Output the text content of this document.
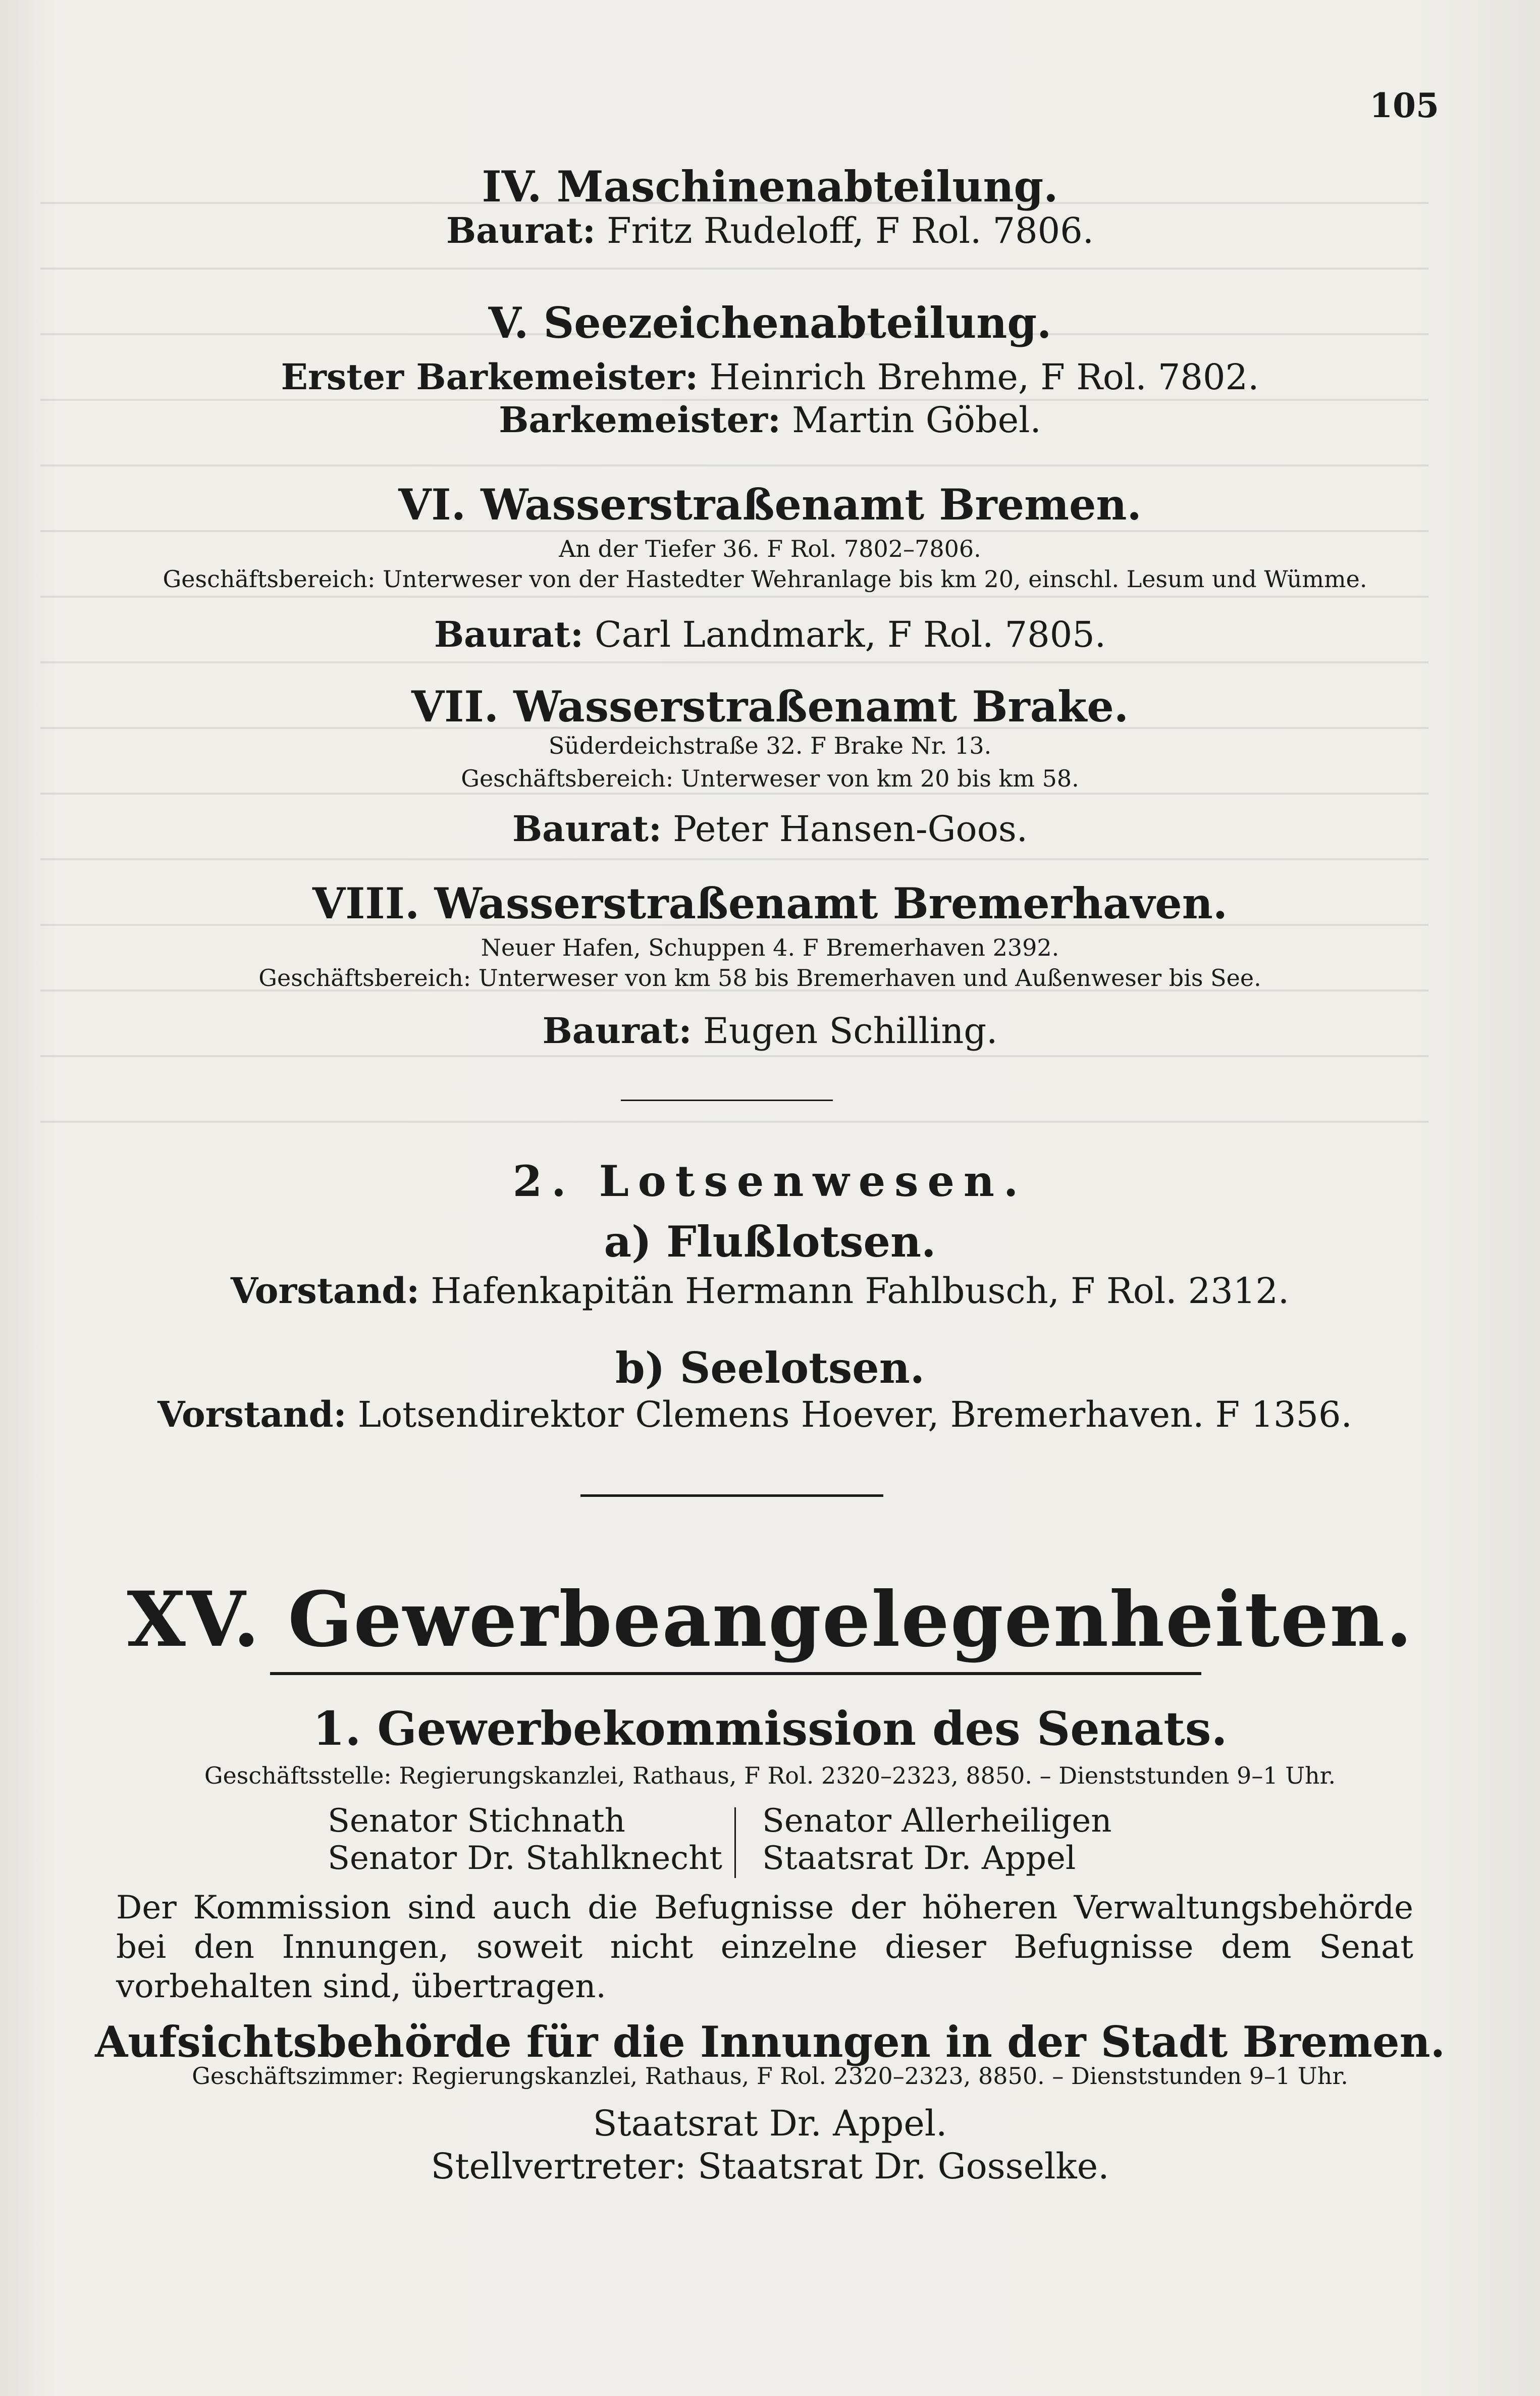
105
IV. Maschinenabteilung.
Baurat: Fritz Rudeloff, F Rol. 7806.
V. Seezeichenabteilung.
Erster Barkemeister: Heinrich Brehme, F Rol. 7802.
Barkemeister: Martin Göbel.
VI. Wasserstraßenamt Bremen.
An der Tiefer 36. F Rol. 7802–7806.
Geschäftsbereich: Unterweser von der Hastedter Wehranlage bis km 20, einschl. Lesum und Wümme.
Baurat: Carl Landmark, F Rol. 7805.
VII. Wasserstraßenamt Brake.
Süderdeichstraße 32. F Brake Nr. 13.
Geschäftsbereich: Unterweser von km 20 bis km 58.
Baurat: Peter Hansen-Goos.
VIII. Wasserstraßenamt Bremerhaven.
Neuer Hafen, Schuppen 4. F Bremerhaven 2392.
Geschäftsbereich: Unterweser von km 58 bis Bremerhaven und Außenweser bis See.
Baurat: Eugen Schilling.
2. Lotsenwesen.
a) Flußlotsen.
Vorstand: Hafenkapitän Hermann Fahlbusch, F Rol. 2312.
b) Seelotsen.
Vorstand: Lotsendirektor Clemens Hoever, Bremerhaven. F 1356.
XV. Gewerbeangelegenheiten.
1. Gewerbekommission des Senats.
Geschäftsstelle: Regierungskanzlei, Rathaus, F Rol. 2320–2323, 8850. – Dienststunden 9–1 Uhr.
Senator Stichnath
Senator Dr. Stahlknecht
Senator Allerheiligen
Staatsrat Dr. Appel
Der Kommission sind auch die Befugnisse der höheren Verwaltungsbehörde bei den Innungen, soweit nicht einzelne dieser Befugnisse dem Senat vorbehalten sind, übertragen.
Aufsichtsbehörde für die Innungen in der Stadt Bremen.
Geschäftszimmer: Regierungskanzlei, Rathaus, F Rol. 2320–2323, 8850. – Dienststunden 9–1 Uhr.
Staatsrat Dr. Appel.
Stellvertreter: Staatsrat Dr. Gosselke.
